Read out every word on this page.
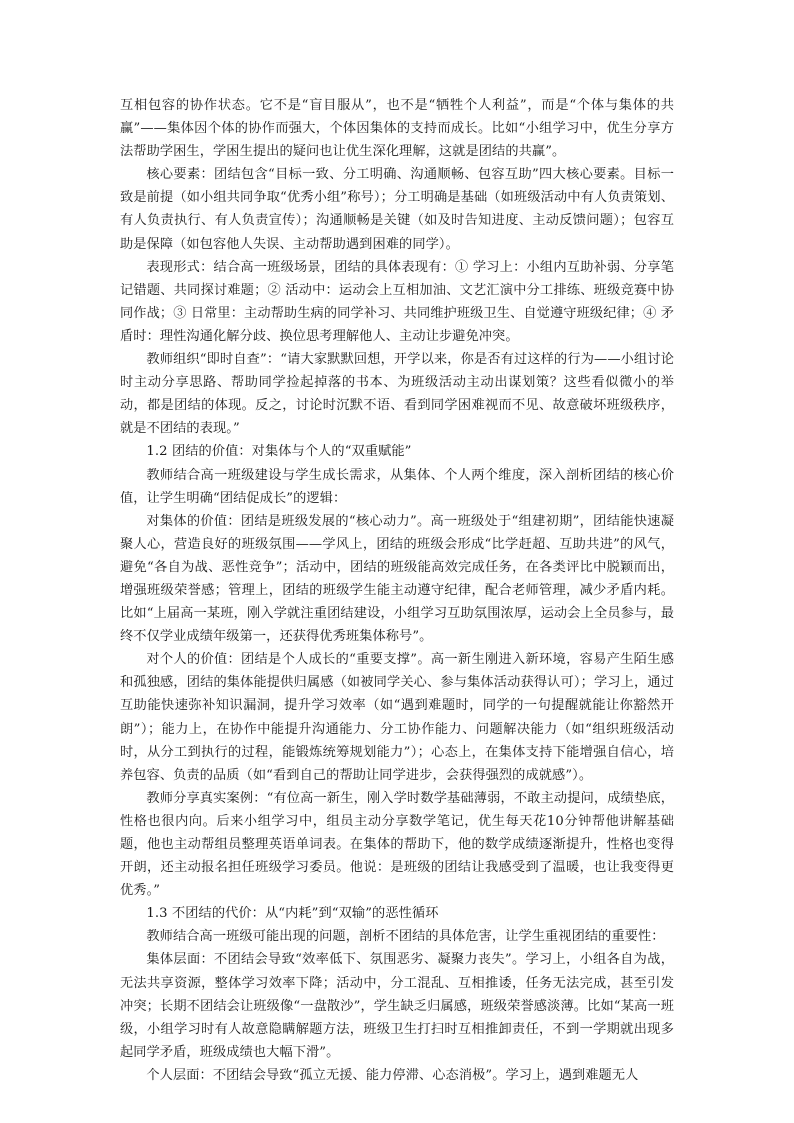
互相包容的协作状态。它不是“盲目服从”，也不是“牺牲个人利益”，而是“个体与集体的共赢”——集体因个体的协作而强大，个体因集体的支持而成长。比如“小组学习中，优生分享方法帮助学困生，学困生提出的疑问也让优生深化理解，这就是团结的共赢”。

核心要素：团结包含“目标一致、分工明确、沟通顺畅、包容互助”四大核心要素。目标一致是前提（如小组共同争取“优秀小组”称号）；分工明确是基础（如班级活动中有人负责策划、有人负责执行、有人负责宣传）；沟通顺畅是关键（如及时告知进度、主动反馈问题）；包容互助是保障（如包容他人失误、主动帮助遇到困难的同学）。

表现形式：结合高一班级场景，团结的具体表现有：① 学习上：小组内互助补弱、分享笔记错题、共同探讨难题；② 活动中：运动会上互相加油、文艺汇演中分工排练、班级竞赛中协同作战；③ 日常里：主动帮助生病的同学补习、共同维护班级卫生、自觉遵守班级纪律；④ 矛盾时：理性沟通化解分歧、换位思考理解他人、主动让步避免冲突。

教师组织“即时自查”：“请大家默默回想，开学以来，你是否有过这样的行为——小组讨论时主动分享思路、帮助同学捡起掉落的书本、为班级活动主动出谋划策？这些看似微小的举动，都是团结的体现。反之，讨论时沉默不语、看到同学困难视而不见、故意破坏班级秩序，就是不团结的表现。”

1.2 团结的价值：对集体与个人的“双重赋能”

教师结合高一班级建设与学生成长需求，从集体、个人两个维度，深入剖析团结的核心价值，让学生明确“团结促成长”的逻辑：

对集体的价值：团结是班级发展的“核心动力”。高一班级处于“组建初期”，团结能快速凝聚人心，营造良好的班级氛围——学风上，团结的班级会形成“比学赶超、互助共进”的风气，避免“各自为战、恶性竞争”；活动中，团结的班级能高效完成任务，在各类评比中脱颖而出，增强班级荣誉感；管理上，团结的班级学生能主动遵守纪律，配合老师管理，减少矛盾内耗。比如“上届高一某班，刚入学就注重团结建设，小组学习互助氛围浓厚，运动会上全员参与，最终不仅学业成绩年级第一，还获得优秀班集体称号”。

对个人的价值：团结是个人成长的“重要支撑”。高一新生刚进入新环境，容易产生陌生感和孤独感，团结的集体能提供归属感（如被同学关心、参与集体活动获得认可）；学习上，通过互助能快速弥补知识漏洞，提升学习效率（如“遇到难题时，同学的一句提醒就能让你豁然开朗”）；能力上，在协作中能提升沟通能力、分工协作能力、问题解决能力（如“组织班级活动时，从分工到执行的过程，能锻炼统筹规划能力”）；心态上，在集体支持下能增强自信心，培养包容、负责的品质（如“看到自己的帮助让同学进步，会获得强烈的成就感”）。

教师分享真实案例：“有位高一新生，刚入学时数学基础薄弱，不敢主动提问，成绩垫底，性格也很内向。后来小组学习中，组员主动分享数学笔记，优生每天花10分钟帮他讲解基础题，他也主动帮组员整理英语单词表。在集体的帮助下，他的数学成绩逐渐提升，性格也变得开朗，还主动报名担任班级学习委员。他说：是班级的团结让我感受到了温暖，也让我变得更优秀。”

1.3 不团结的代价：从“内耗”到“双输”的恶性循环

教师结合高一班级可能出现的问题，剖析不团结的具体危害，让学生重视团结的重要性：

集体层面：不团结会导致“效率低下、氛围恶劣、凝聚力丧失”。学习上，小组各自为战，无法共享资源，整体学习效率下降；活动中，分工混乱、互相推诿，任务无法完成，甚至引发冲突；长期不团结会让班级像“一盘散沙”，学生缺乏归属感，班级荣誉感淡薄。比如“某高一班级，小组学习时有人故意隐瞒解题方法，班级卫生打扫时互相推卸责任，不到一学期就出现多起同学矛盾，班级成绩也大幅下滑”。

个人层面：不团结会导致“孤立无援、能力停滞、心态消极”。学习上，遇到难题无人
